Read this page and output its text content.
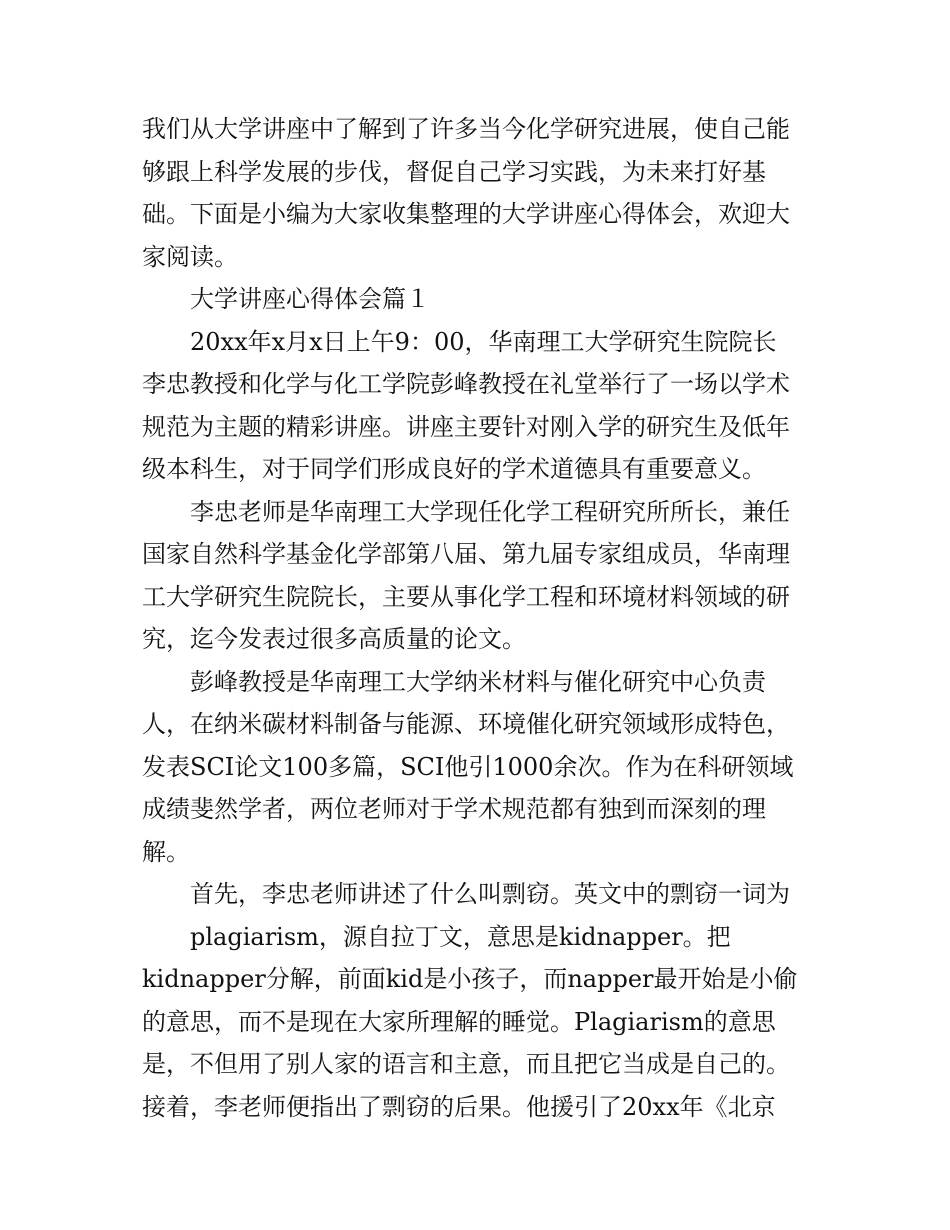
我们从大学讲座中了解到了许多当今化学研究进展，使自己能
够跟上科学发展的步伐，督促自己学习实践，为未来打好基
础。下面是小编为大家收集整理的大学讲座心得体会，欢迎大
家阅读。
大学讲座心得体会篇１
20xx年x月x日上午9：00，华南理工大学研究生院院长
李忠教授和化学与化工学院彭峰教授在礼堂举行了一场以学术
规范为主题的精彩讲座。讲座主要针对刚入学的研究生及低年
级本科生，对于同学们形成良好的学术道德具有重要意义。
李忠老师是华南理工大学现任化学工程研究所所长，兼任
国家自然科学基金化学部第八届、第九届专家组成员，华南理
工大学研究生院院长，主要从事化学工程和环境材料领域的研
究，迄今发表过很多高质量的论文。
彭峰教授是华南理工大学纳米材料与催化研究中心负责
人，在纳米碳材料制备与能源、环境催化研究领域形成特色，
发表SCI论文100多篇，SCI他引1000余次。作为在科研领域
成绩斐然学者，两位老师对于学术规范都有独到而深刻的理
解。
首先，李忠老师讲述了什么叫剽窃。英文中的剽窃一词为
plagiarism，源自拉丁文，意思是kidnapper。把
kidnapper分解，前面kid是小孩子，而napper最开始是小偷
的意思，而不是现在大家所理解的睡觉。Plagiarism的意思
是，不但用了别人家的语言和主意，而且把它当成是自己的。
接着，李老师便指出了剽窃的后果。他援引了20xx年《北京
